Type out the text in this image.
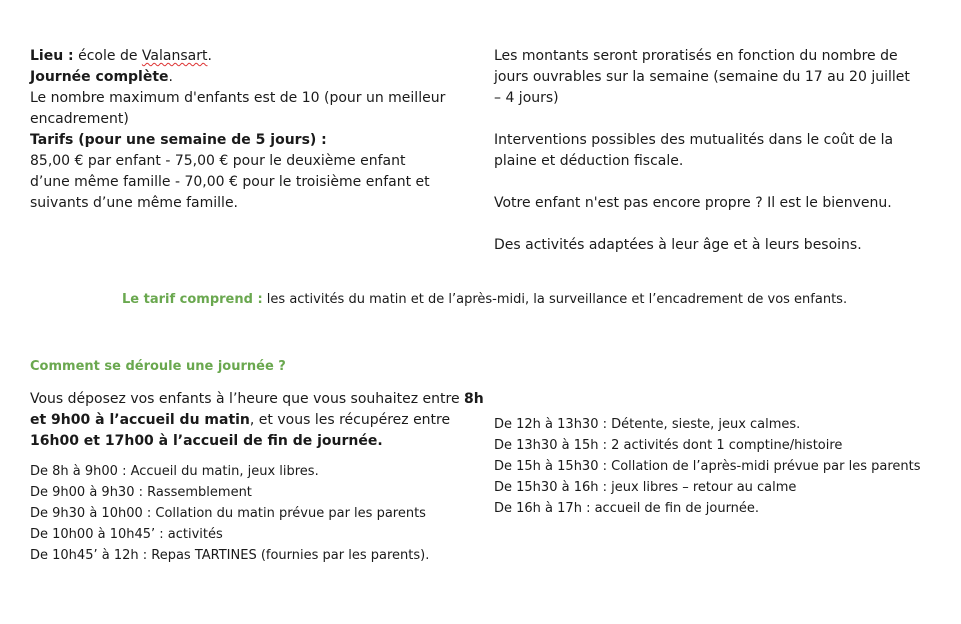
Lieu : école de Valansart.
Journée complète.
Le nombre maximum d'enfants est de 10 (pour un meilleur
encadrement)
Tarifs (pour une semaine de 5 jours) :
85,00 € par enfant - 75,00 € pour le deuxième enfant
d’une même famille - 70,00 € pour le troisième enfant et
suivants d’une même famille.
Les montants seront proratisés en fonction du nombre de
jours ouvrables sur la semaine (semaine du 17 au 20 juillet
– 4 jours)
Interventions possibles des mutualités dans le coût de la
plaine et déduction fiscale.
Votre enfant n'est pas encore propre ? Il est le bienvenu.
Des activités adaptées à leur âge et à leurs besoins.
Le tarif comprend : les activités du matin et de l’après-midi, la surveillance et l’encadrement de vos enfants.
Comment se déroule une journée ?
Vous déposez vos enfants à l’heure que vous souhaitez entre 8h
et 9h00 à l’accueil du matin, et vous les récupérez entre
16h00 et 17h00 à l’accueil de fin de journée.
De 8h à 9h00 : Accueil du matin, jeux libres.
De 9h00 à 9h30 : Rassemblement
De 9h30 à 10h00 : Collation du matin prévue par les parents
De 10h00 à 10h45’ : activités
De 10h45’ à 12h : Repas TARTINES (fournies par les parents).
De 12h à 13h30 : Détente, sieste, jeux calmes.
De 13h30 à 15h : 2 activités dont 1 comptine/histoire
De 15h à 15h30 : Collation de l’après-midi prévue par les parents
De 15h30 à 16h : jeux libres – retour au calme
De 16h à 17h : accueil de fin de journée.
